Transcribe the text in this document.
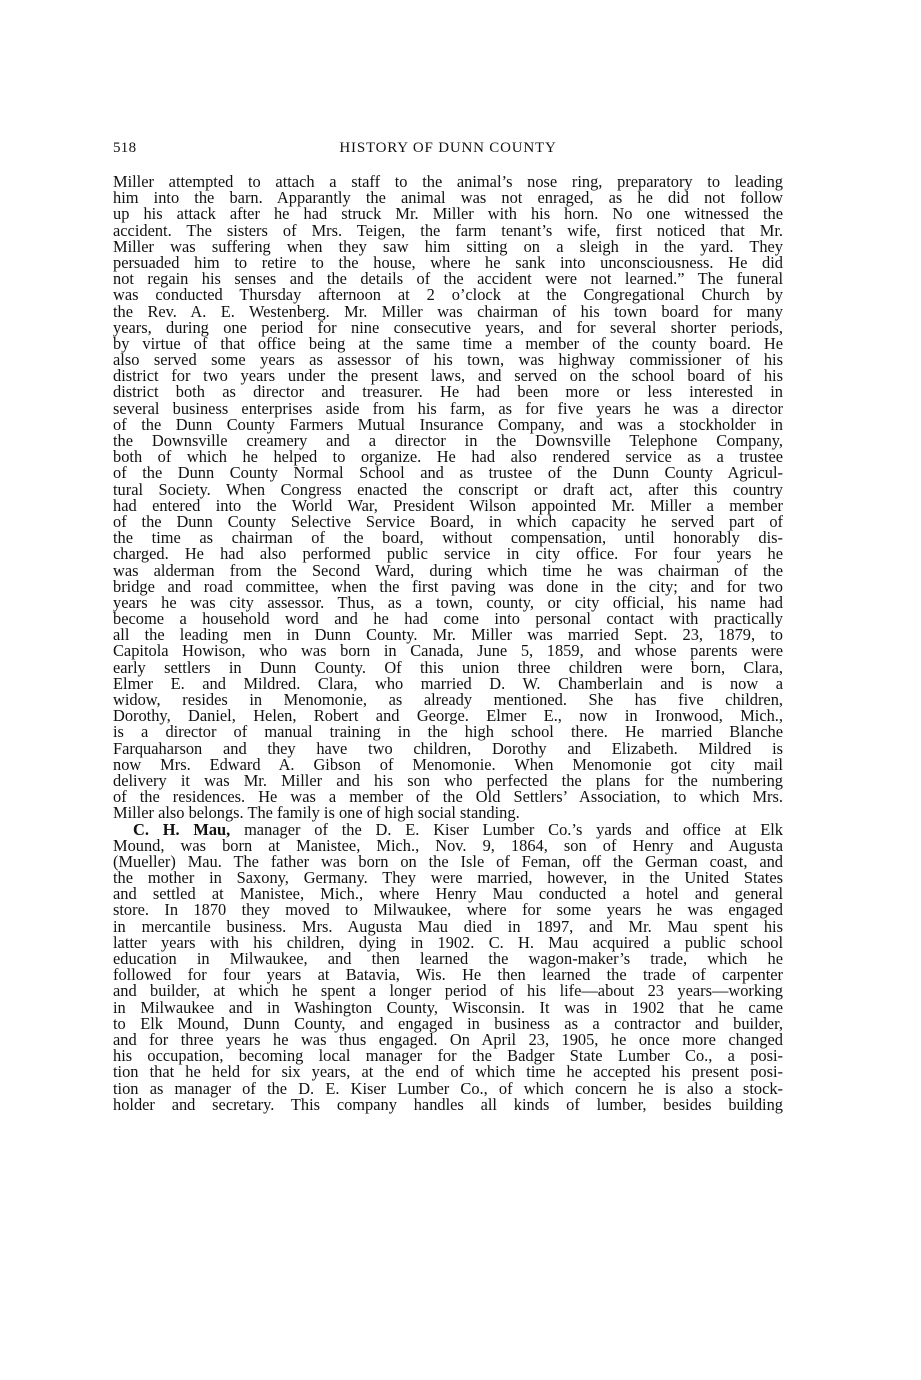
518	HISTORY OF DUNN COUNTY
Miller attempted to attach a staff to the animal’s nose ring, preparatory to leading
him into the barn. Apparantly the animal was not enraged, as he did not follow
up his attack after he had struck Mr. Miller with his horn. No one witnessed the
accident. The sisters of Mrs. Teigen, the farm tenant’s wife, first noticed that Mr.
Miller was suffering when they saw him sitting on a sleigh in the yard. They
persuaded him to retire to the house, where he sank into unconsciousness. He did
not regain his senses and the details of the accident were not learned.” The funeral
was conducted Thursday afternoon at 2 o’clock at the Congregational Church by
the Rev. A. E. Westenberg. Mr. Miller was chairman of his town board for many
years, during one period for nine consecutive years, and for several shorter periods,
by virtue of that office being at the same time a member of the county board. He
also served some years as assessor of his town, was highway commissioner of his
district for two years under the present laws, and served on the school board of his
district both as director and treasurer. He had been more or less interested in
several business enterprises aside from his farm, as for five years he was a director
of the Dunn County Farmers Mutual Insurance Company, and was a stockholder in
the Downsville creamery and a director in the Downsville Telephone Company,
both of which he helped to organize. He had also rendered service as a trustee
of the Dunn County Normal School and as trustee of the Dunn County Agricul-
tural Society. When Congress enacted the conscript or draft act, after this country
had entered into the World War, President Wilson appointed Mr. Miller a member
of the Dunn County Selective Service Board, in which capacity he served part of
the time as chairman of the board, without compensation, until honorably dis-
charged. He had also performed public service in city office. For four years he
was alderman from the Second Ward, during which time he was chairman of the
bridge and road committee, when the first paving was done in the city; and for two
years he was city assessor. Thus, as a town, county, or city official, his name had
become a household word and he had come into personal contact with practically
all the leading men in Dunn County. Mr. Miller was married Sept. 23, 1879, to
Capitola Howison, who was born in Canada, June 5, 1859, and whose parents were
early settlers in Dunn County. Of this union three children were born, Clara,
Elmer E. and Mildred. Clara, who married D. W. Chamberlain and is now a
widow, resides in Menomonie, as already mentioned. She has five children,
Dorothy, Daniel, Helen, Robert and George. Elmer E., now in Ironwood, Mich.,
is a director of manual training in the high school there. He married Blanche
Farquaharson and they have two children, Dorothy and Elizabeth. Mildred is
now Mrs. Edward A. Gibson of Menomonie. When Menomonie got city mail
delivery it was Mr. Miller and his son who perfected the plans for the numbering
of the residences. He was a member of the Old Settlers’ Association, to which Mrs.
Miller also belongs. The family is one of high social standing.
C. H. Mau, manager of the D. E. Kiser Lumber Co.’s yards and office at Elk
Mound, was born at Manistee, Mich., Nov. 9, 1864, son of Henry and Augusta
(Mueller) Mau. The father was born on the Isle of Feman, off the German coast, and
the mother in Saxony, Germany. They were married, however, in the United States
and settled at Manistee, Mich., where Henry Mau conducted a hotel and general
store. In 1870 they moved to Milwaukee, where for some years he was engaged
in mercantile business. Mrs. Augusta Mau died in 1897, and Mr. Mau spent his
latter years with his children, dying in 1902. C. H. Mau acquired a public school
education in Milwaukee, and then learned the wagon-maker’s trade, which he
followed for four years at Batavia, Wis. He then learned the trade of carpenter
and builder, at which he spent a longer period of his life—about 23 years—working
in Milwaukee and in Washington County, Wisconsin. It was in 1902 that he came
to Elk Mound, Dunn County, and engaged in business as a contractor and builder,
and for three years he was thus engaged. On April 23, 1905, he once more changed
his occupation, becoming local manager for the Badger State Lumber Co., a posi-
tion that he held for six years, at the end of which time he accepted his present posi-
tion as manager of the D. E. Kiser Lumber Co., of which concern he is also a stock-
holder and secretary. This company handles all kinds of lumber, besides building
